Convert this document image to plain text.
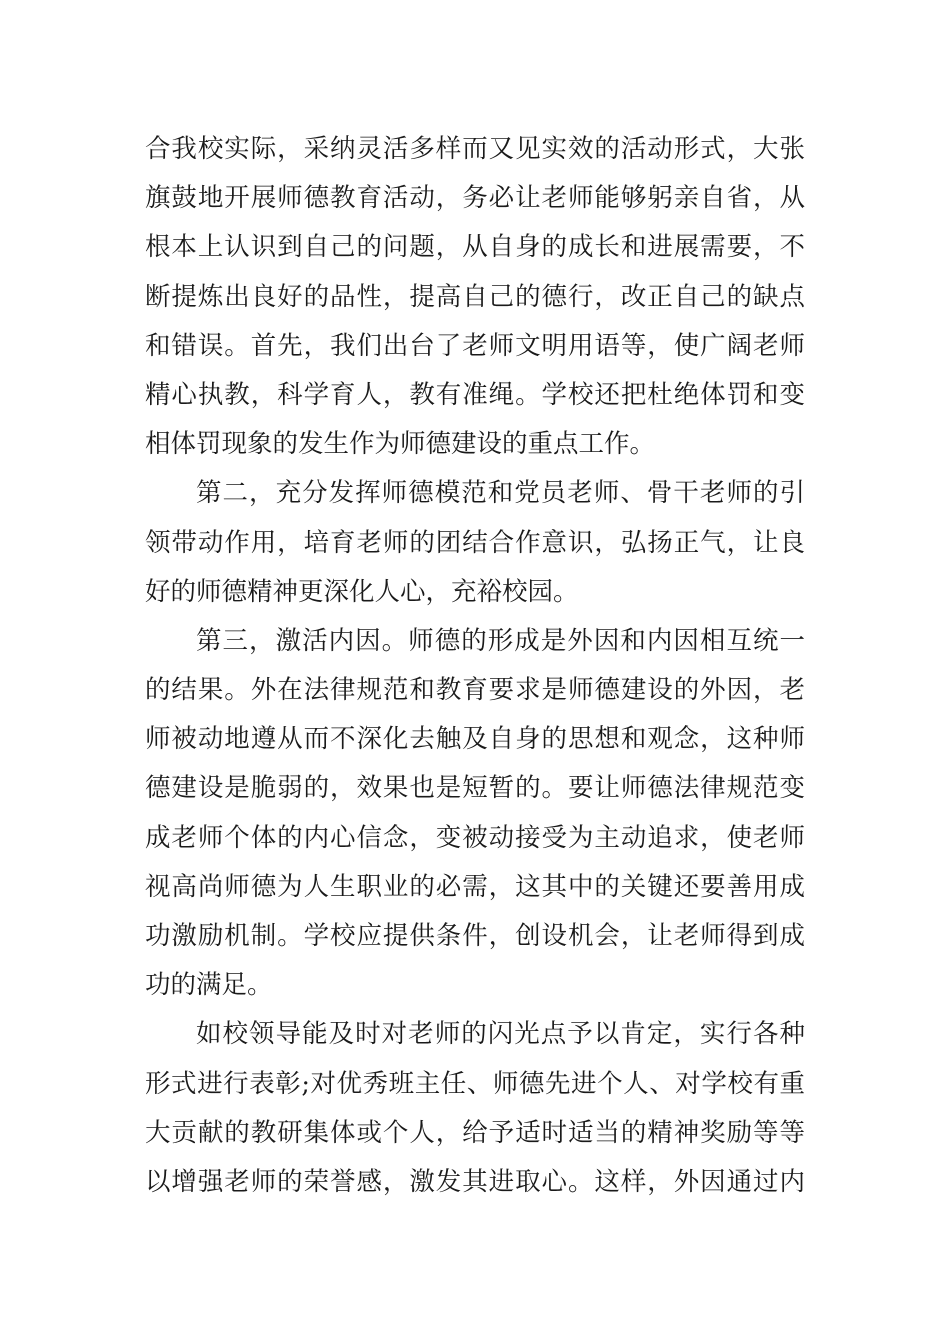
合我校实际，采纳灵活多样而又见实效的活动形式，大张
旗鼓地开展师德教育活动，务必让老师能够躬亲自省，从
根本上认识到自己的问题，从自身的成长和进展需要，不
断提炼出良好的品性，提高自己的德行，改正自己的缺点
和错误。首先，我们出台了老师文明用语等，使广阔老师
精心执教，科学育人，教有准绳。学校还把杜绝体罚和变
相体罚现象的发生作为师德建设的重点工作。
第二，充分发挥师德模范和党员老师、骨干老师的引
领带动作用，培育老师的团结合作意识，弘扬正气，让良
好的师德精神更深化人心，充裕校园。
第三，激活内因。师德的形成是外因和内因相互统一
的结果。外在法律规范和教育要求是师德建设的外因，老
师被动地遵从而不深化去触及自身的思想和观念，这种师
德建设是脆弱的，效果也是短暂的。要让师德法律规范变
成老师个体的内心信念，变被动接受为主动追求，使老师
视高尚师德为人生职业的必需，这其中的关键还要善用成
功激励机制。学校应提供条件，创设机会，让老师得到成
功的满足。
如校领导能及时对老师的闪光点予以肯定，实行各种
形式进行表彰;对优秀班主任、师德先进个人、对学校有重
大贡献的教研集体或个人，给予适时适当的精神奖励等等
以增强老师的荣誉感，激发其进取心。这样，外因通过内
